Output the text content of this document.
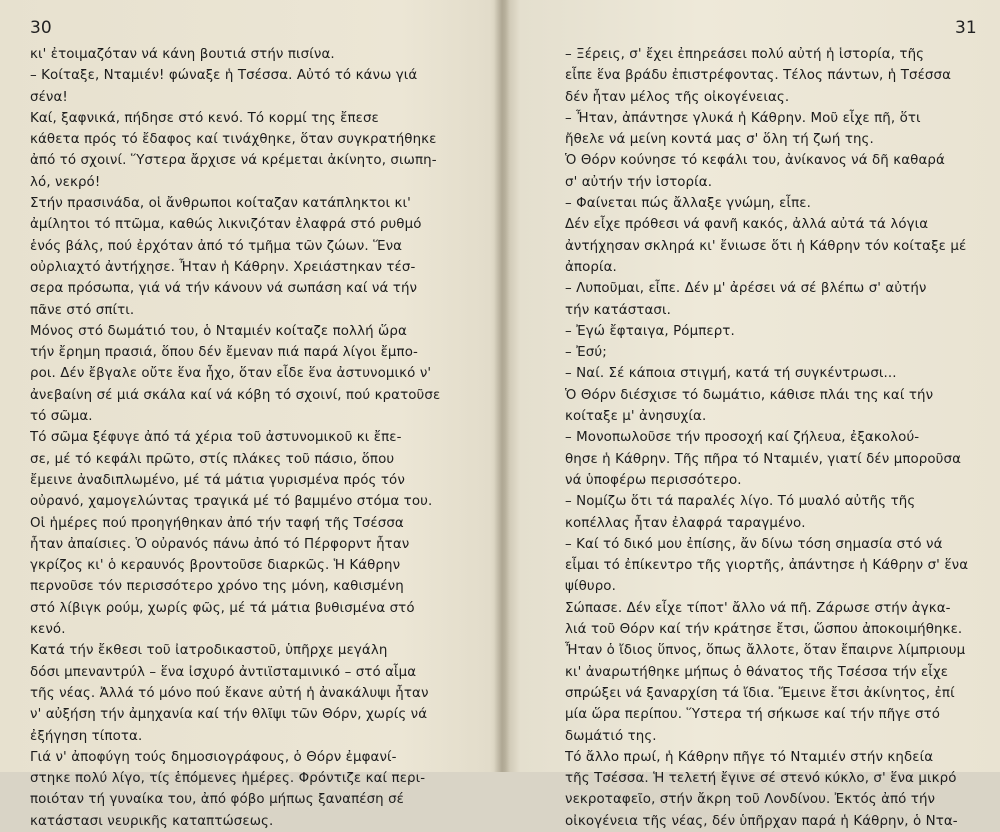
30
κι' ἐτοιμαζόταν νά κάνη βουτιά στήν πισίνα.
– Κοίταξε, Νταμιέν! φώναξε ἡ Τσέσσα. Αὐτό τό κάνω γιά
σένα!
Καί, ξαφνικά, πήδησε στό κενό. Τό κορμί της ἔπεσε
κάθετα πρός τό ἔδαφος καί τινάχθηκε, ὅταν συγκρατήθηκε
ἀπό τό σχοινί. Ὕστερα ἄρχισε νά κρέμεται ἀκίνητο, σιωπη-
λό, νεκρό!
Στήν πρασινάδα, οἱ ἄνθρωποι κοίταζαν κατάπληκτοι κι'
ἀμίλητοι τό πτῶμα, καθώς λικνιζόταν ἐλαφρά στό ρυθμό
ἑνός βάλς, πού ἐρχόταν ἀπό τό τμῆμα τῶν ζώων. Ἕνα
οὐρλιαχτό ἀντήχησε. Ἦταν ἡ Κάθρην. Χρειάστηκαν τέσ-
σερα πρόσωπα, γιά νά τήν κάνουν νά σωπάση καί νά τήν
πᾶνε στό σπίτι.
Μόνος στό δωμάτιό του, ὁ Νταμιέν κοίταζε πολλή ὥρα
τήν ἔρημη πρασιά, ὅπου δέν ἔμεναν πιά παρά λίγοι ἔμπο-
ροι. Δέν ἔβγαλε οὔτε ἕνα ἦχο, ὅταν εἶδε ἕνα ἀστυνομικό ν'
ἀνεβαίνη σέ μιά σκάλα καί νά κόβη τό σχοινί, πού κρατοῦσε
τό σῶμα.
Τό σῶμα ξέφυγε ἀπό τά χέρια τοῦ ἀστυνομικοῦ κι ἔπε-
σε, μέ τό κεφάλι πρῶτο, στίς πλάκες τοῦ πάσιο, ὅπου
ἔμεινε ἀναδιπλωμένο, μέ τά μάτια γυρισμένα πρός τόν
οὐρανό, χαμογελώντας τραγικά μέ τό βαμμένο στόμα του.
Οἱ ἡμέρες πού προηγήθηκαν ἀπό τήν ταφή τῆς Τσέσσα
ἦταν ἀπαίσιες. Ὁ οὐρανός πάνω ἀπό τό Πέρφορντ ἦταν
γκρίζος κι' ὁ κεραυνός βροντοῦσε διαρκῶς. Ἡ Κάθρην
περνοῦσε τόν περισσότερο χρόνο της μόνη, καθισμένη
στό λίβιγκ ρούμ, χωρίς φῶς, μέ τά μάτια βυθισμένα στό
κενό.
Κατά τήν ἔκθεσι τοῦ ἰατροδικαστοῦ, ὑπῆρχε μεγάλη
δόσι μπεναντρύλ – ἕνα ἰσχυρό ἀντιϊσταμινικό – στό αἷμα
τῆς νέας. Ἀλλά τό μόνο πού ἔκανε αὐτή ἡ ἀνακάλυψι ἦταν
ν' αὐξήση τήν ἀμηχανία καί τήν θλῖψι τῶν Θόρν, χωρίς νά
ἐξήγηση τίποτα.
Γιά ν' ἀποφύγη τούς δημοσιογράφους, ὁ Θόρν ἐμφανί-
στηκε πολύ λίγο, τίς ἑπόμενες ἡμέρες. Φρόντιζε καί περι-
ποιόταν τή γυναίκα του, ἀπό φόβο μήπως ξαναπέση σέ
κατάστασι νευρικῆς καταπτώσεως.
31
– Ξέρεις, σ' ἔχει ἐπηρεάσει πολύ αὐτή ἡ ἱστορία, τῆς
εἶπε ἕνα βράδυ ἐπιστρέφοντας. Τέλος πάντων, ἡ Τσέσσα
δέν ἦταν μέλος τῆς οἰκογένειας.
– Ἦταν, ἀπάντησε γλυκά ἡ Κάθρην. Μοῦ εἶχε πῆ, ὅτι
ἤθελε νά μείνη κοντά μας σ' ὅλη τή ζωή της.
Ὁ Θόρν κούνησε τό κεφάλι του, ἀνίκανος νά δῆ καθαρά
σ' αὐτήν τήν ἱστορία.
– Φαίνεται πώς ἄλλαξε γνώμη, εἶπε.
Δέν εἶχε πρόθεσι νά φανῆ κακός, ἀλλά αὐτά τά λόγια
ἀντήχησαν σκληρά κι' ἔνιωσε ὅτι ἡ Κάθρην τόν κοίταξε μέ
ἀπορία.
– Λυποῦμαι, εἶπε. Δέν μ' ἀρέσει νά σέ βλέπω σ' αὐτήν
τήν κατάστασι.
– Ἐγώ ἔφταιγα, Ρόμπερτ.
– Ἐσύ;
– Ναί. Σέ κάποια στιγμή, κατά τή συγκέντρωσι...
Ὁ Θόρν διέσχισε τό δωμάτιο, κάθισε πλάι της καί τήν
κοίταξε μ' ἀνησυχία.
– Μονοπωλοῦσε τήν προσοχή καί ζήλευα, ἐξακολού-
θησε ἡ Κάθρην. Τῆς πῆρα τό Νταμιέν, γιατί δέν μποροῦσα
νά ὑποφέρω περισσότερο.
– Νομίζω ὅτι τά παραλές λίγο. Τό μυαλό αὐτῆς τῆς
κοπέλλας ἦταν ἐλαφρά ταραγμένο.
– Καί τό δικό μου ἐπίσης, ἄν δίνω τόση σημασία στό νά
εἶμαι τό ἐπίκεντρο τῆς γιορτῆς, ἀπάντησε ἡ Κάθρην σ' ἕνα
ψίθυρο.
Σώπασε. Δέν εἶχε τίποτ' ἄλλο νά πῆ. Ζάρωσε στήν ἀγκα-
λιά τοῦ Θόρν καί τήν κράτησε ἔτσι, ὥσπου ἀποκοιμήθηκε.
Ἦταν ὁ ἴδιος ὕπνος, ὅπως ἄλλοτε, ὅταν ἔπαιρνε λίμπριουμ
κι' ἀναρωτήθηκε μήπως ὁ θάνατος τῆς Τσέσσα τήν εἶχε
σπρώξει νά ξαναρχίση τά ἴδια. Ἔμεινε ἔτσι ἀκίνητος, ἐπί
μία ὥρα περίπου. Ὕστερα τή σήκωσε καί τήν πῆγε στό
δωμάτιό της.
Τό ἄλλο πρωί, ἡ Κάθρην πῆγε τό Νταμιέν στήν κηδεία
τῆς Τσέσσα. Ἡ τελετή ἔγινε σέ στενό κύκλο, σ' ἕνα μικρό
νεκροταφεῖο, στήν ἄκρη τοῦ Λονδίνου. Ἐκτός ἀπό τήν
οἰκογένεια τῆς νέας, δέν ὑπῆρχαν παρά ἡ Κάθρην, ὁ Ντα-
